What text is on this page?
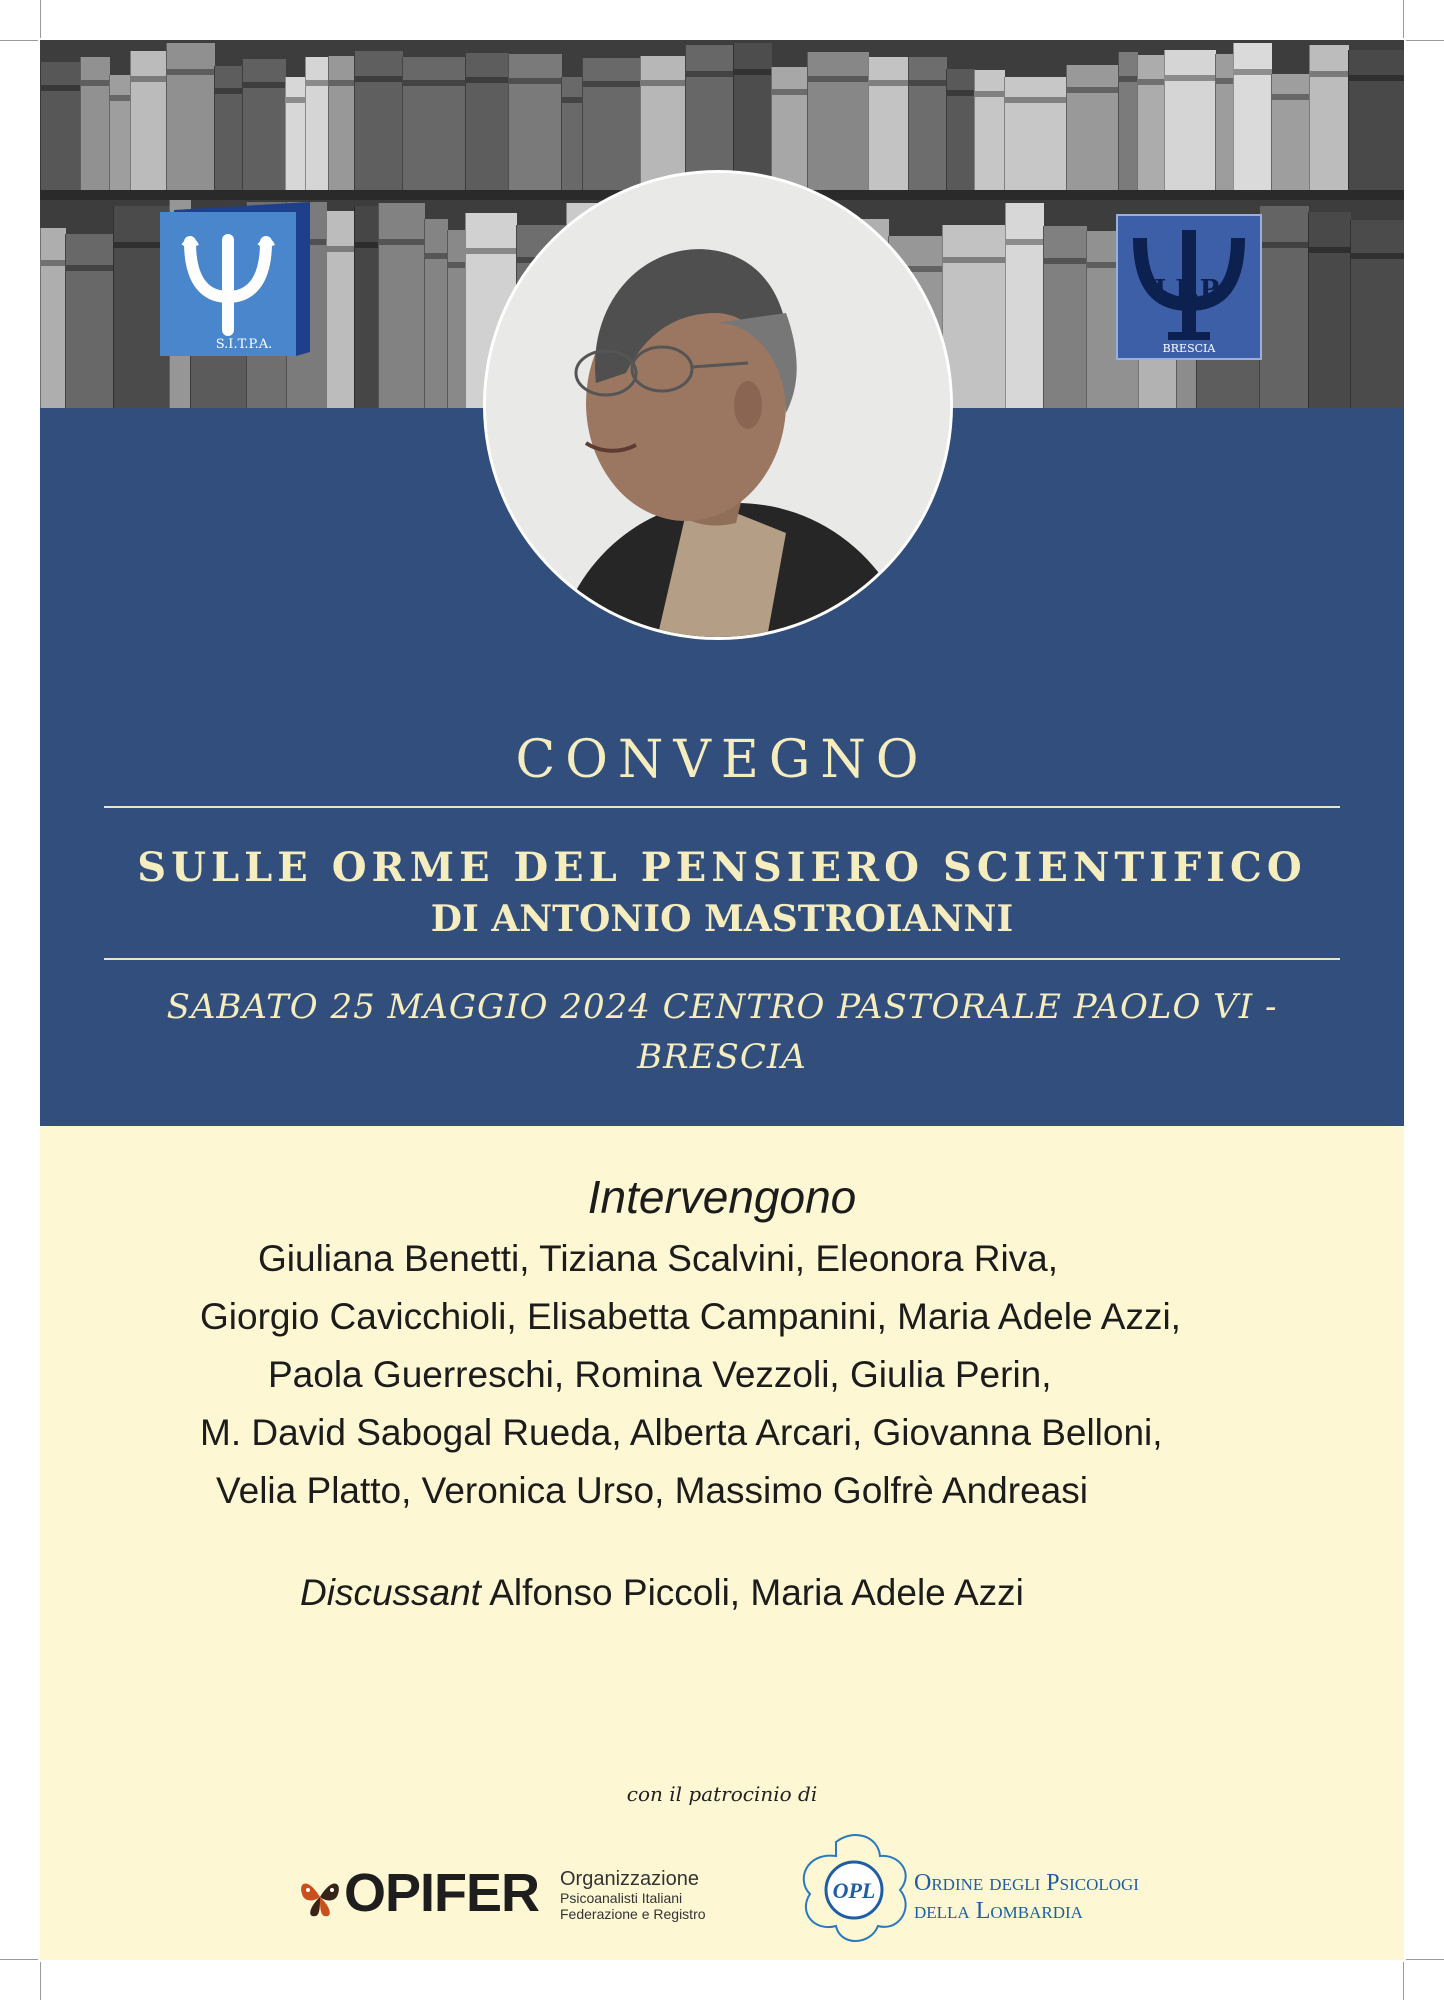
S.I.T.P.A.
I.P.P.
BRESCIA
CONVEGNO
SULLE ORME DEL PENSIERO SCIENTIFICO
DI ANTONIO MASTROIANNI
SABATO 25 MAGGIO 2024 CENTRO PASTORALE PAOLO VI - BRESCIA
Intervengono
Giuliana Benetti, Tiziana Scalvini, Eleonora Riva,
Giorgio Cavicchioli, Elisabetta Campanini, Maria Adele Azzi,
Paola Guerreschi, Romina Vezzoli, Giulia Perin,
M. David Sabogal Rueda, Alberta Arcari, Giovanna Belloni,
Velia Platto, Veronica Urso, Massimo Golfrè Andreasi
Discussant Alfonso Piccoli, Maria Adele Azzi
con il patrocinio di
OPIFER Organizzazione
Psicoanalisti Italiani
Federazione e Registro
OPL ORDINE DEGLI PSICOLOGI
DELLA LOMBARDIA
